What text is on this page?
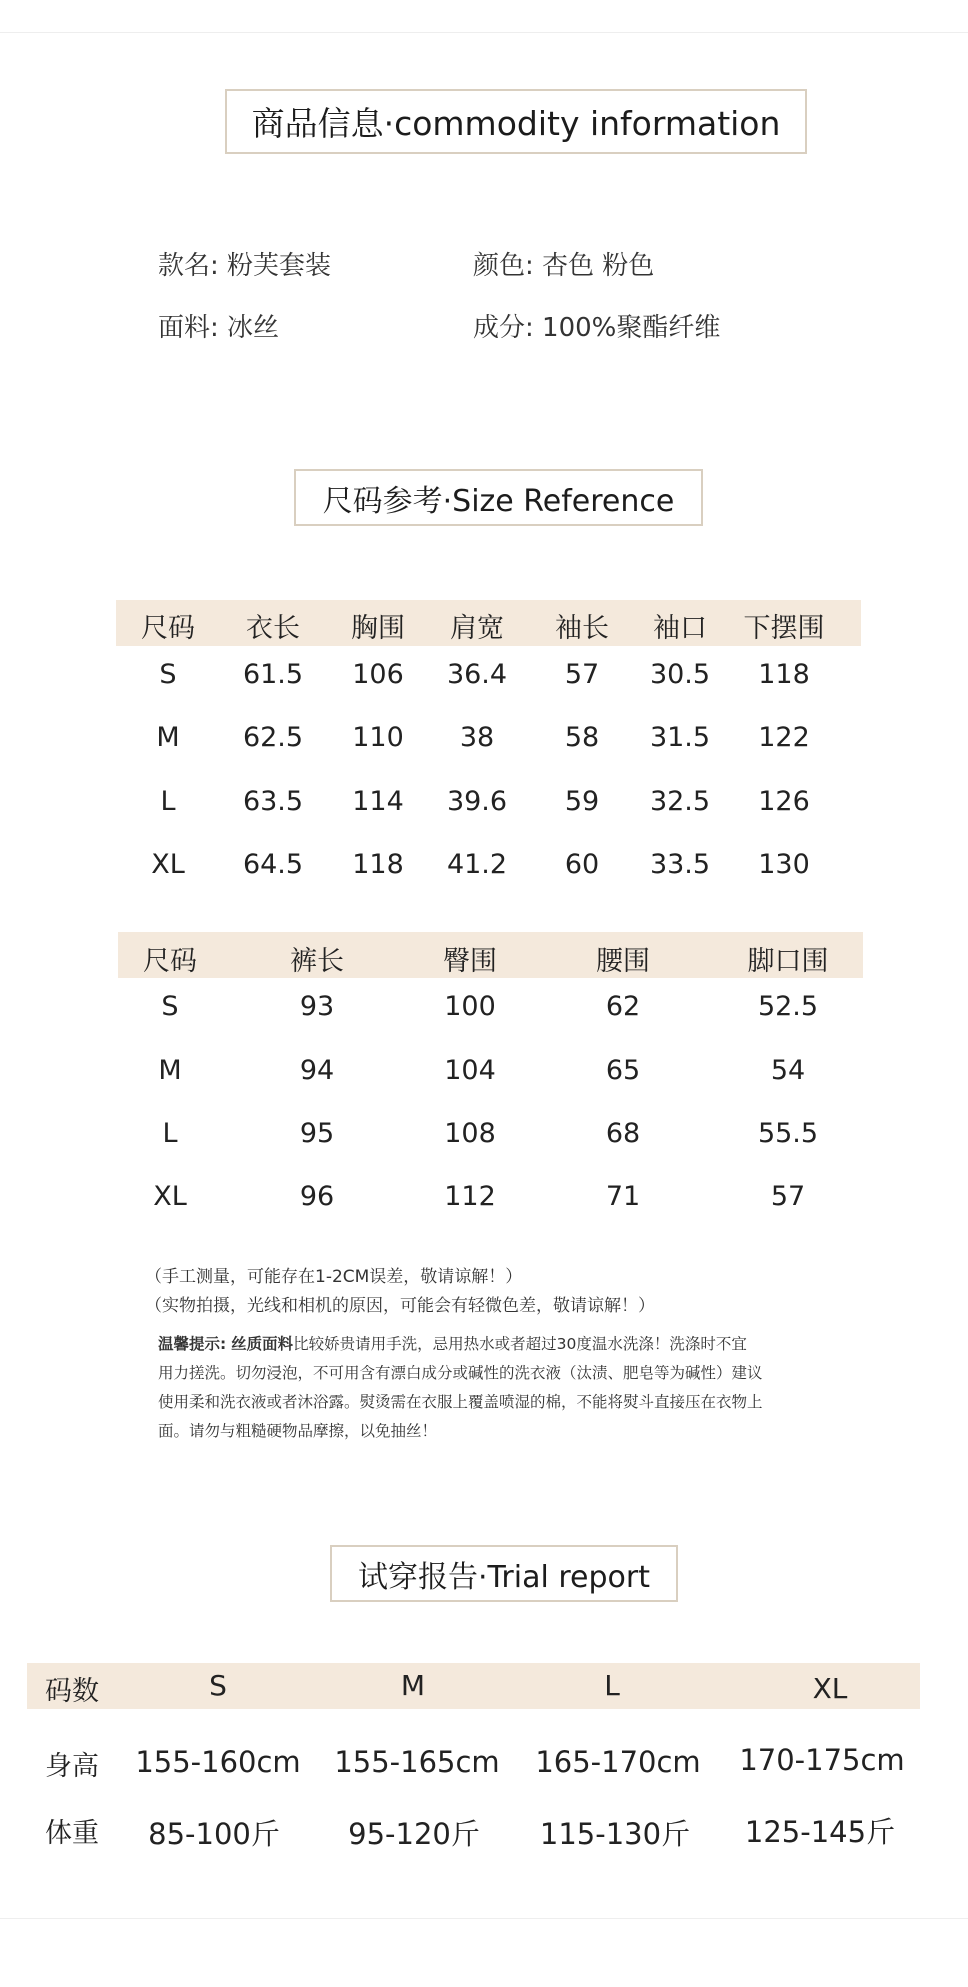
商品信息·commodity information
款名: 粉芙套装	颜色: 杏色 粉色
面料: 冰丝	成分: 100%聚酯纤维
尺码参考·Size Reference
尺码	衣长	胸围	肩宽	袖长	袖口	下摆围
S	61.5	106	36.4	57	30.5	118
M	62.5	110	38	58	31.5	122
L	63.5	114	39.6	59	32.5	126
XL	64.5	118	41.2	60	33.5	130
尺码	裤长	臀围	腰围	脚口围
S	93	100	62	52.5
M	94	104	65	54
L	95	108	68	55.5
XL	96	112	71	57
（手工测量，可能存在1-2CM误差，敬请谅解！）
（实物拍摄，光线和相机的原因，可能会有轻微色差，敬请谅解！）
温馨提示: 丝质面料比较娇贵请用手洗，忌用热水或者超过30度温水洗涤！洗涤时不宜
用力搓洗。切勿浸泡，不可用含有漂白成分或碱性的洗衣液（汰渍、肥皂等为碱性）建议
使用柔和洗衣液或者沐浴露。熨烫需在衣服上覆盖喷湿的棉，不能将熨斗直接压在衣物上
面。请勿与粗糙硬物品摩擦，以免抽丝！
试穿报告·Trial report
码数	S	M	L	XL
身高	155-160cm	155-165cm	165-170cm	170-175cm
体重	85-100斤	95-120斤	115-130斤	125-145斤
